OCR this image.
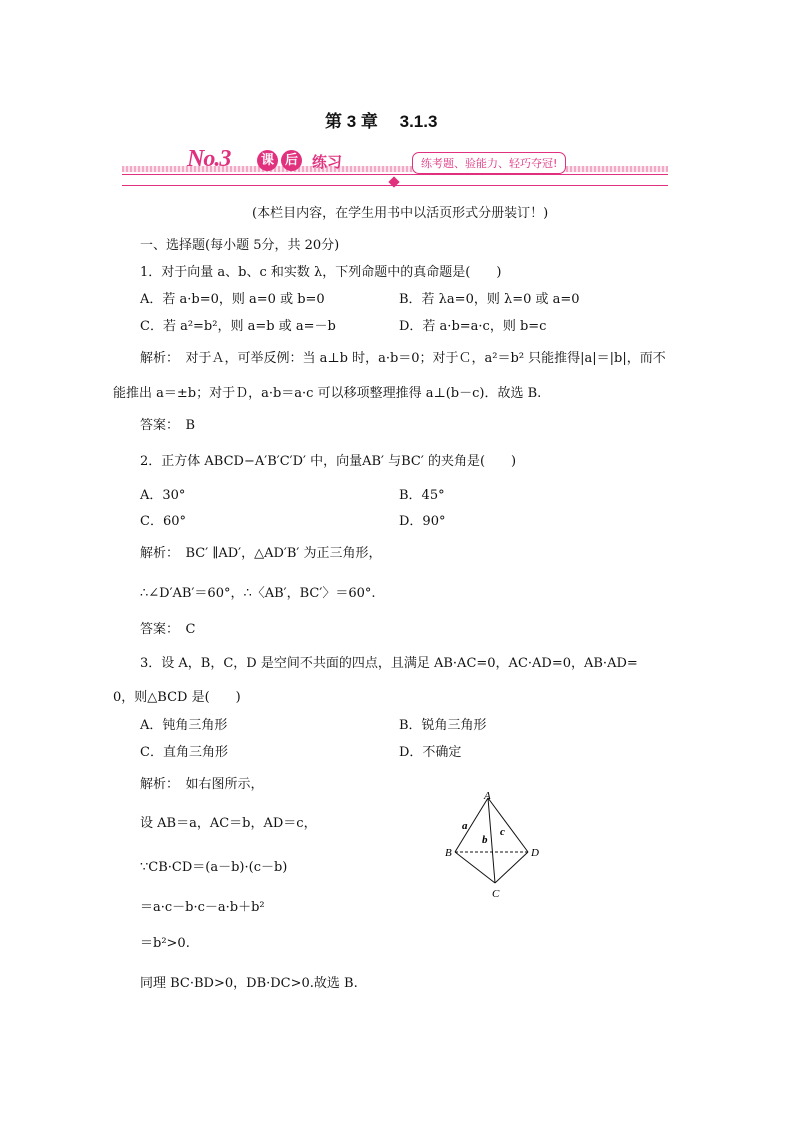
第 3 章　 3.1.3
No.3	课 后 练习	练考题、验能力、轻巧夺冠!
(本栏目内容，在学生用书中以活页形式分册装订！)
一、选择题(每小题 5分，共 20分)
1．对于向量 a、b、c 和实数 λ，下列命题中的真命题是(　　)
A．若 a·b=0，则 a=0 或 b=0	B．若 λa=0，则 λ=0 或 a=0
C．若 a²=b²，则 a=b 或 a=－b	D．若 a·b=a·c，则 b=c
解析：　对于Ａ，可举反例：当 a⊥b 时，a·b＝0；对于Ｃ，a²＝b² 只能推得|a|＝|b|，而不
能推出 a＝±b；对于Ｄ，a·b＝a·c 可以移项整理推得 a⊥(b－c)．故选 B.
答案：　B
2．正方体 ABCD−A′B′C′D′ 中，向量AB′ 与BC′ 的夹角是(　　)
A．30°	B．45°
C．60°	D．90°
解析：　BC′ ∥AD′，△AD′B′ 为正三角形，
∴∠D′AB′＝60°，∴〈AB′，BC′〉＝60°.
答案：　C
3．设 A，B，C，D 是空间不共面的四点，且满足 AB·AC=0，AC·AD=0，AB·AD=
0，则△BCD 是(　　)
A．钝角三角形	B．锐角三角形
C．直角三角形	D．不确定
解析：　如右图所示，
设 AB＝a，AC＝b，AD＝c，
∵CB·CD＝(a－b)·(c－b)
＝a·c－b·c－a·b＋b²
＝b²>0.
同理 BC·BD>0，DB·DC>0.故选 B.
A
B
C
D
a
b
c
